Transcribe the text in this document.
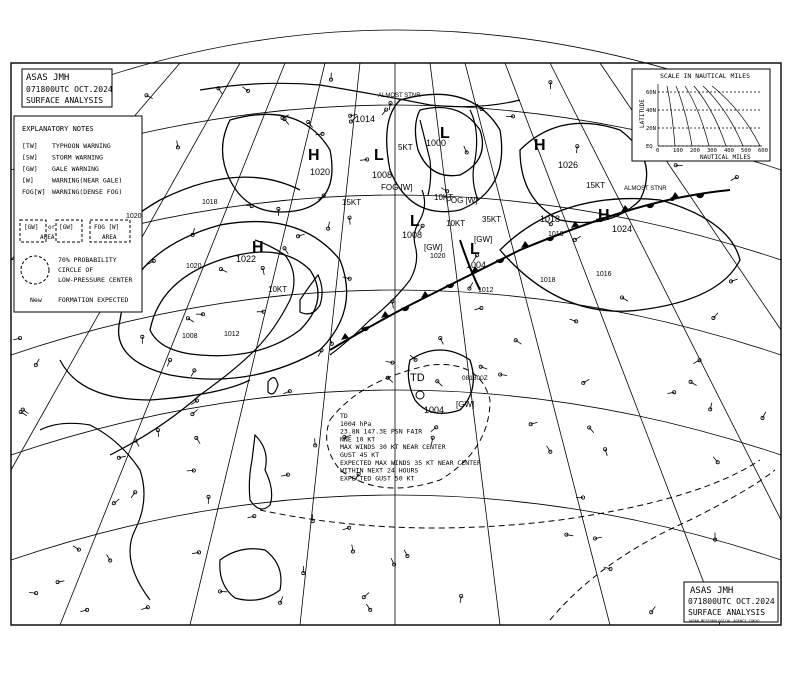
ASAS JMH
071800UTC OCT.2024
SURFACE ANALYSIS
EXPLANATORY NOTES
[TW] TYPHOON WARNING
[SW] STORM WARNING
[GW] GALE WARNING
[W]	WARNING(NEAR GALE)
FOG[W] WARNING(DENSE FOG)
[GW] or [GW]
AREA
FOG [W]
AREA
70% PROBABILITY
CIRCLE OF
LOW-PRESSURE CENTER
New	FORMATION EXPECTED
SCALE IN NAUTICAL MILES
LATITUDE
60N
40N
20N
EQ
0 100 200 300 400 500 600
NAUTICAL MILES
TD
1004 hPa
23.8N 147.3E PSN FAIR
NNE 10 KT
MAX WINDS 30 KT NEAR CENTER
GUST 45 KT
EXPECTED MAX WINDS 35 KT NEAR CENTER
WITHIN NEXT 24 HOURS
EXPECTED GUST 50 KT
TD
1004
[GW]
081800Z
1008
15KT
1000
10KT
1004
[GW]
35KT
1014
5KT
1008
[GW]
10KT
1026
15KT
1020
1022
10KT
1024
1018
FOG [W]
FOG [W]
ALMOST STNR
ALMOST STNR
H
H
H
H
L
L
L
L
1020
1018
1016
1012
1008
1020
1016
1012
1020
1018
ASAS JMH
071800UTC OCT.2024
SURFACE ANALYSIS
JAPAN METEOROLOGICAL AGENCY TOKYO
